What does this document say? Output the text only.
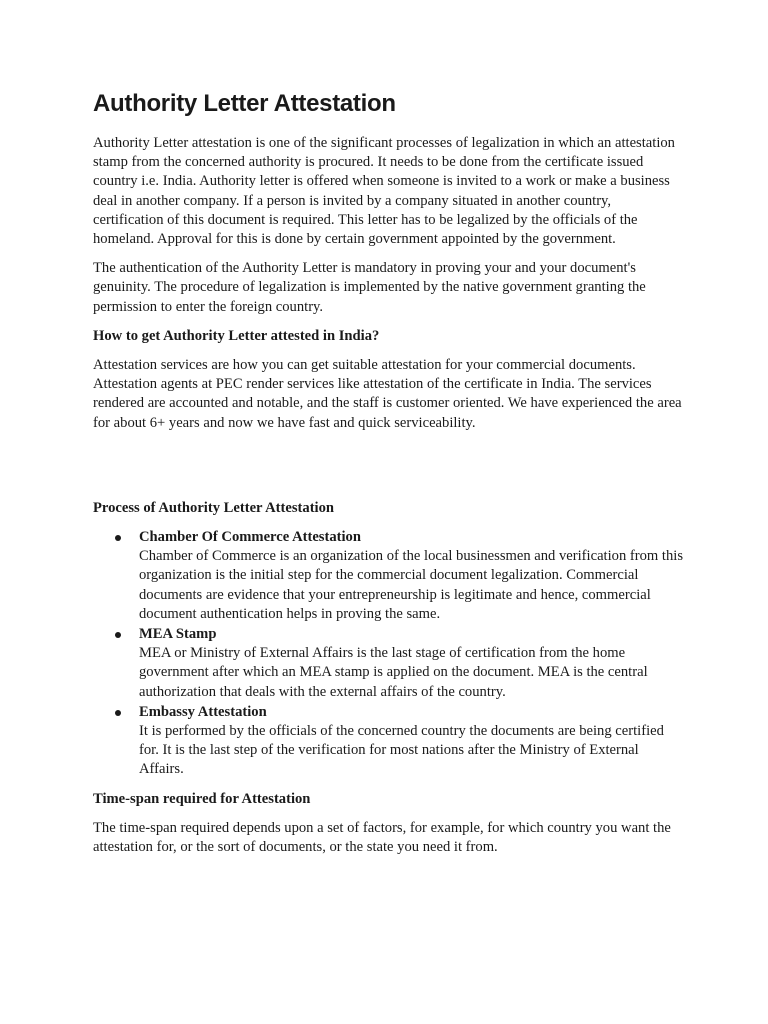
Authority Letter Attestation

Authority Letter attestation is one of the significant processes of legalization in which an attestation stamp from the concerned authority is procured. It needs to be done from the certificate issued country i.e. India. Authority letter is offered when someone is invited to a work or make a business deal in another company. If a person is invited by a company situated in another country, certification of this document is required. This letter has to be legalized by the officials of the homeland. Approval for this is done by certain government appointed by the government.

The authentication of the Authority Letter is mandatory in proving your and your document's genuinity. The procedure of legalization is implemented by the native government granting the permission to enter the foreign country.

How to get Authority Letter attested in India?

Attestation services are how you can get suitable attestation for your commercial documents. Attestation agents at PEC render services like attestation of the certificate in India. The services rendered are accounted and notable, and the staff is customer oriented. We have experienced the area for about 6+ years and now we have fast and quick serviceability.

Process of Authority Letter Attestation
Chamber Of Commerce Attestation
Chamber of Commerce is an organization of the local businessmen and verification from this organization is the initial step for the commercial document legalization. Commercial documents are evidence that your entrepreneurship is legitimate and hence, commercial document authentication helps in proving the same.
MEA Stamp
MEA or Ministry of External Affairs is the last stage of certification from the home government after which an MEA stamp is applied on the document. MEA is the central authorization that deals with the external affairs of the country.
Embassy Attestation
It is performed by the officials of the concerned country the documents are being certified for. It is the last step of the verification for most nations after the Ministry of External Affairs.
Time-span required for Attestation

The time-span required depends upon a set of factors, for example, for which country you want the attestation for, or the sort of documents, or the state you need it from.
